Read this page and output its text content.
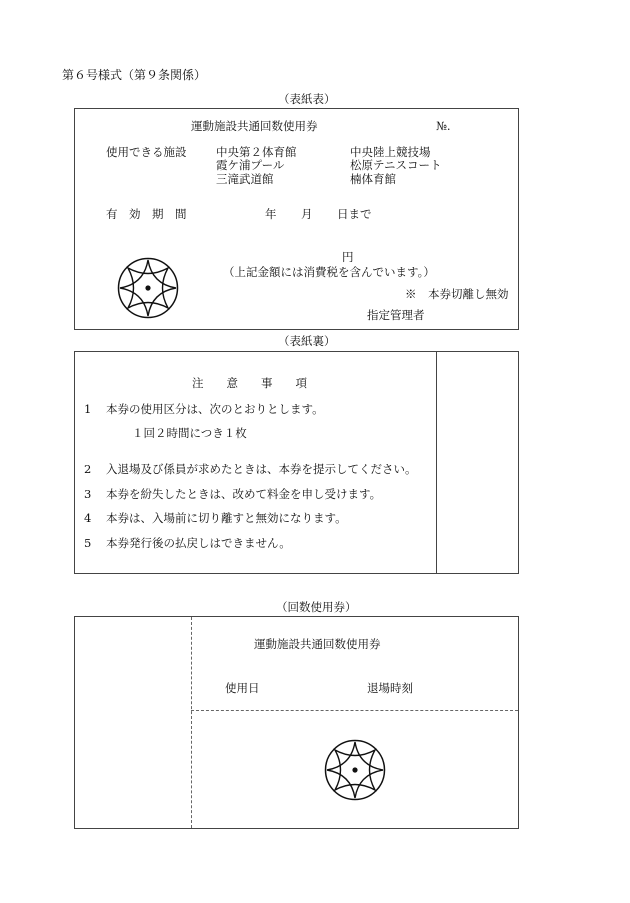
第６号様式（第９条関係）
（表紙表）
運動施設共通回数使用券	№.
使用できる施設	中央第２体育館	中央陸上競技場
霞ケ浦プール	松原テニスコート
三滝武道館	楠体育館
有　効　期　間	年 月 日まで
円
（上記金額には消費税を含んでいます。）
※　本券切離し無効
指定管理者
（表紙裏）
注　　意　　事　　項
1 本券の使用区分は、次のとおりとします。
１回２時間につき１枚
2 入退場及び係員が求めたときは、本券を提示してください。
3 本券を紛失したときは、改めて料金を申し受けます。
4 本券は、入場前に切り離すと無効になります。
5 本券発行後の払戻しはできません。
（回数使用券）
運動施設共通回数使用券
使用日	退場時刻
